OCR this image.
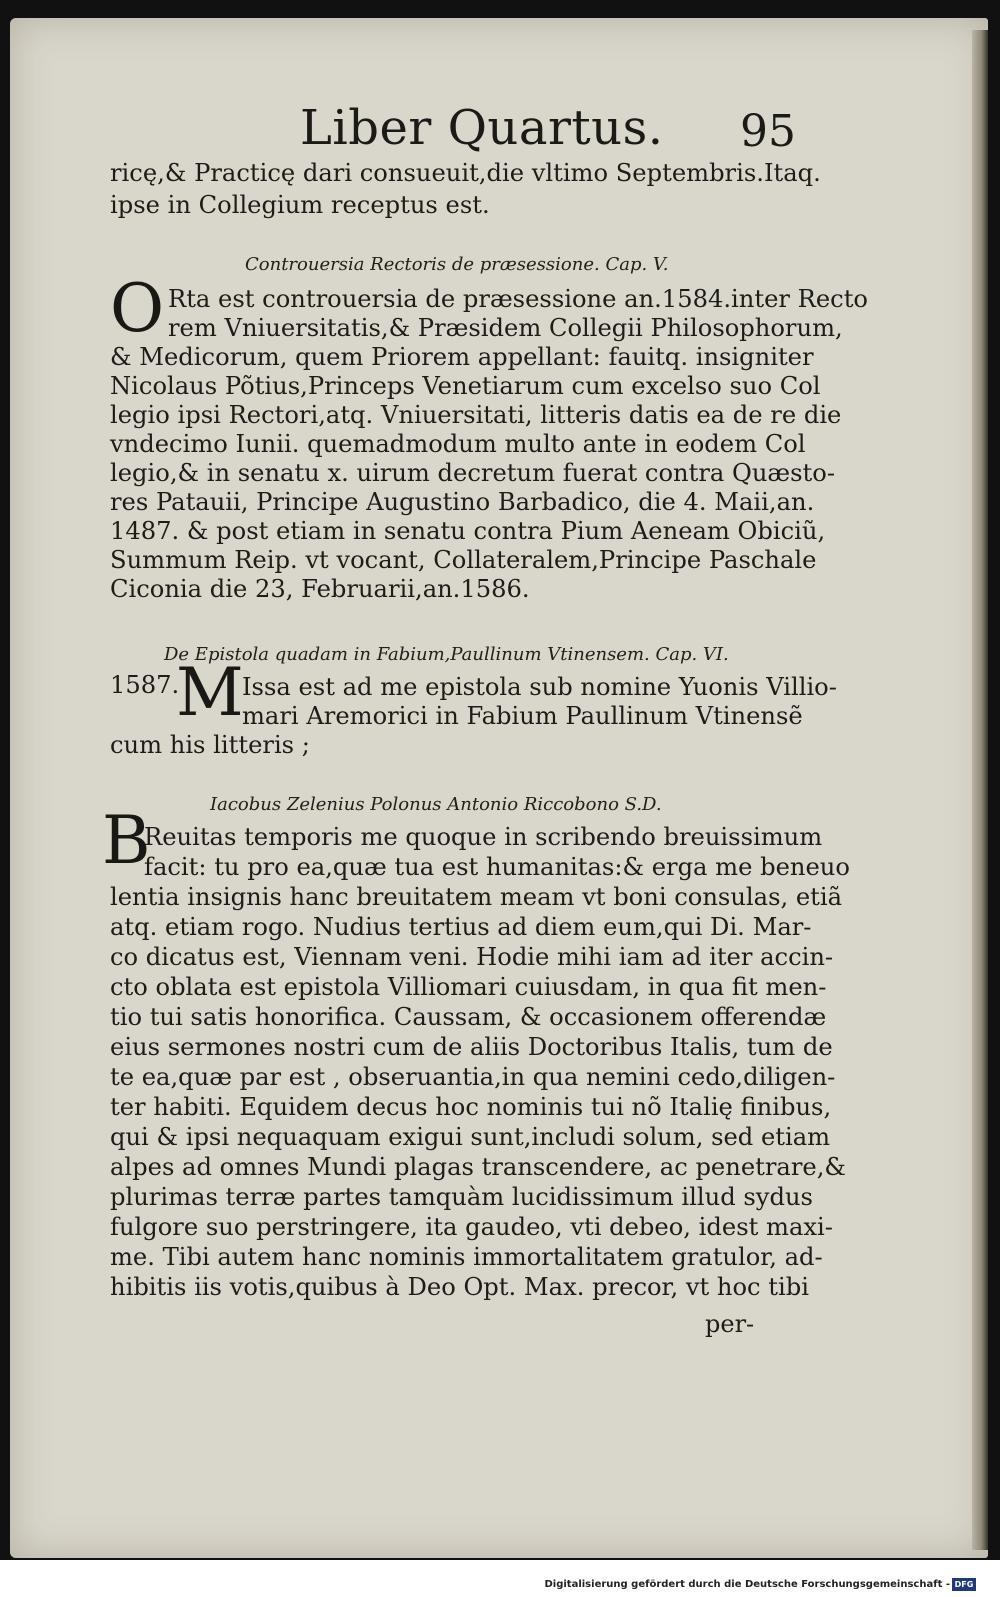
Liber Quartus. 95
ricę,& Practicę dari consueuit,die vltimo Septembris.Itaq.
ipse in Collegium receptus est.
Controuersia Rectoris de præsessione. Cap. V.
O Rta est controuersia de præsessione an.1584.inter Recto
rem Vniuersitatis,& Præsidem Collegii Philosophorum,
& Medicorum, quem Priorem appellant: fauitq. insigniter
Nicolaus Põtius,Princeps Venetiarum cum excelso suo Col
legio ipsi Rectori,atq. Vniuersitati, litteris datis ea de re die
vndecimo Iunii. quemadmodum multo ante in eodem Col
legio,& in senatu x. uirum decretum fuerat contra Quæsto-
res Patauii, Principe Augustino Barbadico, die 4. Maii,an.
1487. & post etiam in senatu contra Pium Aeneam Obiciũ,
Summum Reip. vt vocant, Collateralem,Principe Paschale
Ciconia die 23, Februarii,an.1586.
De Epistola quadam in Fabium,Paullinum Vtinensem. Cap. VI.
1587.
M
Issa est ad me epistola sub nomine Yuonis Villio-
mari Aremorici in Fabium Paullinum Vtinensẽ
cum his litteris ;
Iacobus Zelenius Polonus Antonio Riccobono S.D.
B
Reuitas temporis me quoque in scribendo breuissimum
facit: tu pro ea,quæ tua est humanitas:& erga me beneuo
lentia insignis hanc breuitatem meam vt boni consulas, etiã
atq. etiam rogo. Nudius tertius ad diem eum,qui Di. Mar-
co dicatus est, Viennam veni. Hodie mihi iam ad iter accin-
cto oblata est epistola Villiomari cuiusdam, in qua fit men-
tio tui satis honorifica. Caussam, & occasionem offerendæ
eius sermones nostri cum de aliis Doctoribus Italis, tum de
te ea,quæ par est , obseruantia,in qua nemini cedo,diligen-
ter habiti. Equidem decus hoc nominis tui nõ Italię finibus,
qui & ipsi nequaquam exigui sunt,includi solum, sed etiam
alpes ad omnes Mundi plagas transcendere, ac penetrare,&
plurimas terræ partes tamquàm lucidissimum illud sydus
fulgore suo perstringere, ita gaudeo, vti debeo, idest maxi-
me. Tibi autem hanc nominis immortalitatem gratulor, ad-
hibitis iis votis,quibus à Deo Opt. Max. precor, vt hoc tibi
per-
Digitalisierung gefördert durch die Deutsche Forschungsgemeinschaft - DFG
